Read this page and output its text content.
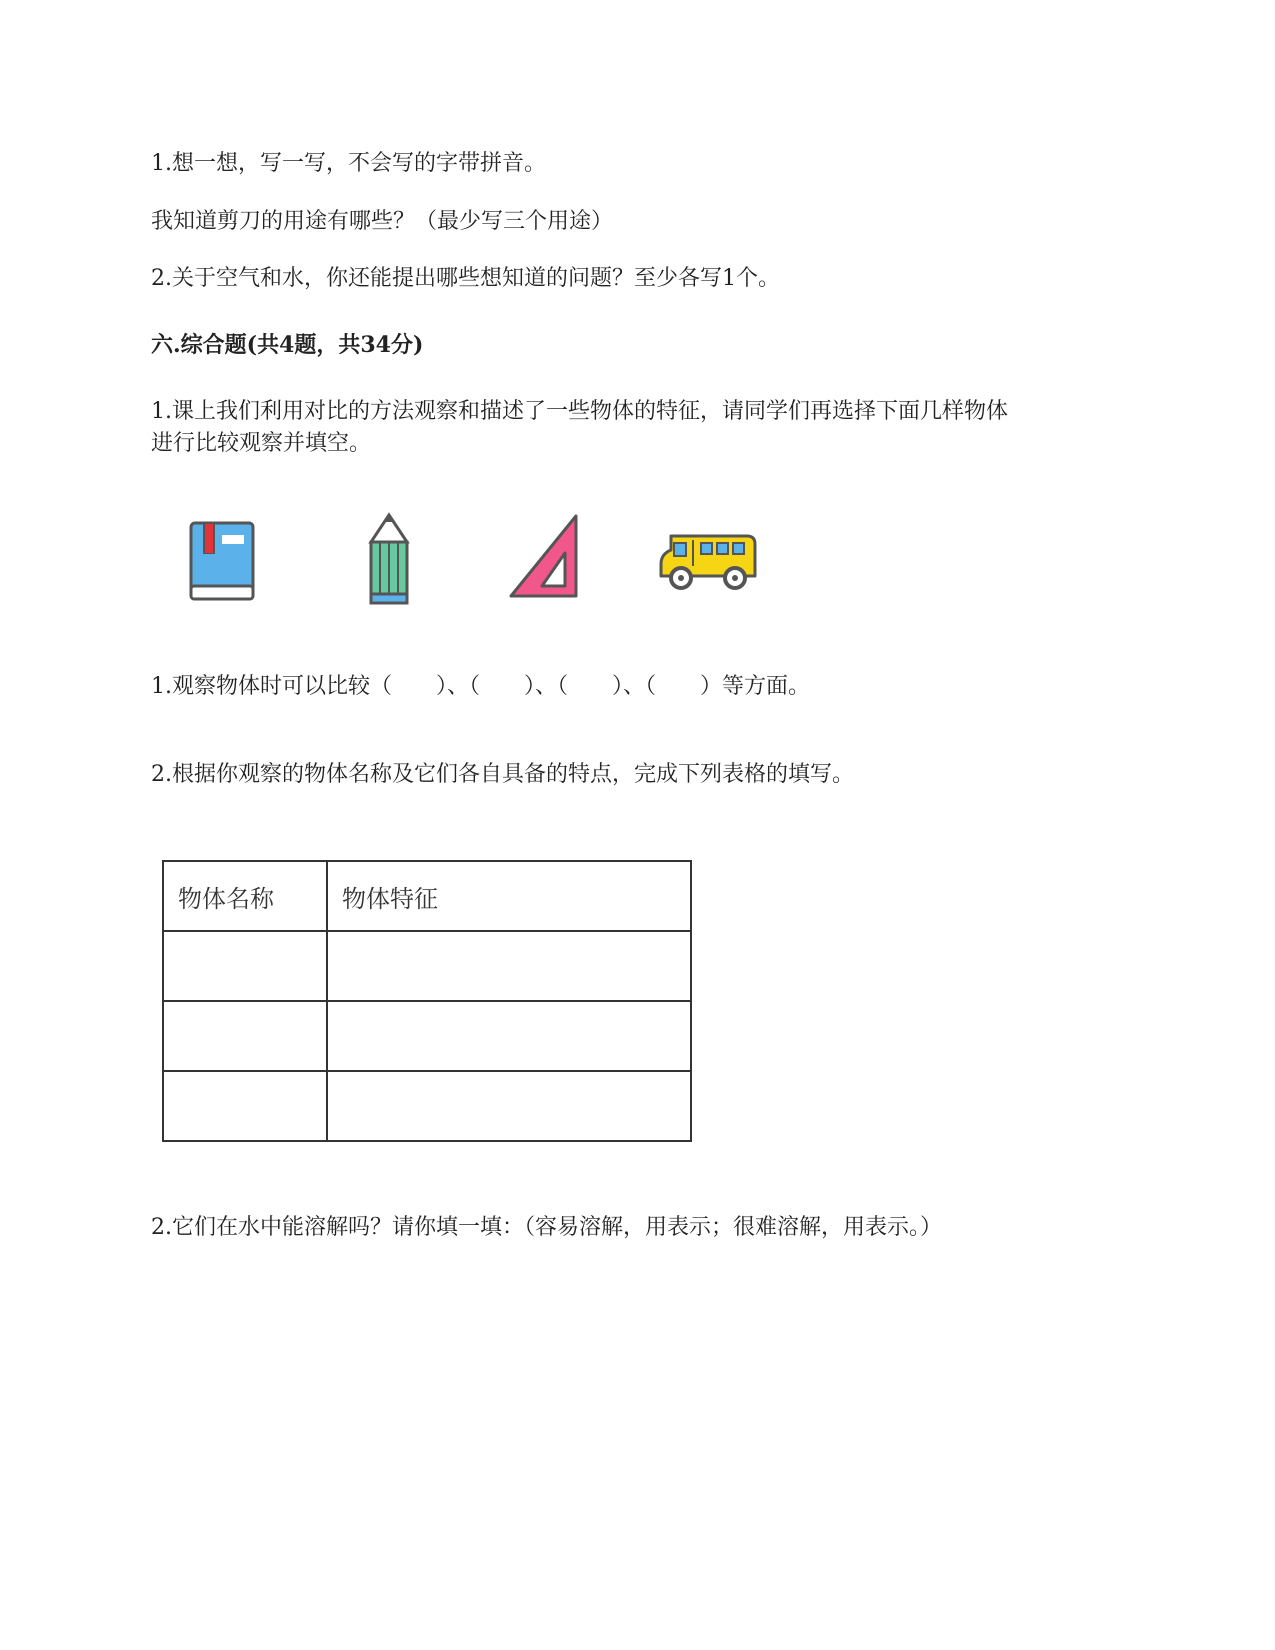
1.想一想，写一写，不会写的字带拼音。
我知道剪刀的用途有哪些？（最少写三个用途）
2.关于空气和水，你还能提出哪些想知道的问题？至少各写1个。
六.综合题(共4题，共34分)
1.课上我们利用对比的方法观察和描述了一些物体的特征，请同学们再选择下面几样物体
进行比较观察并填空。
1.观察物体时可以比较（　　）、（　　）、（　　）、（　　）等方面。
2.根据你观察的物体名称及它们各自具备的特点，完成下列表格的填写。
物体名称	物体特征

2.它们在水中能溶解吗？请你填一填：（容易溶解，用表示；很难溶解，用表示。）
